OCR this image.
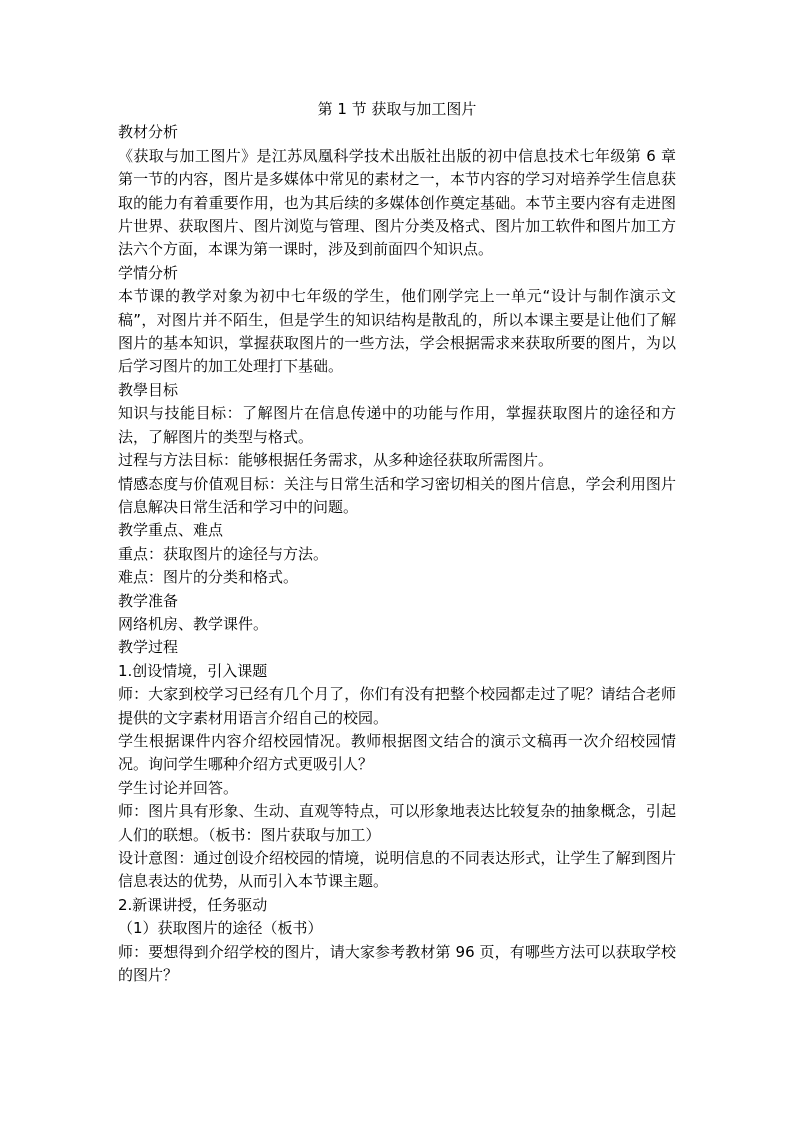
第 1 节 获取与加工图片

教材分析

《获取与加工图片》是江苏凤凰科学技术出版社出版的初中信息技术七年级第 6 章第一节的内容，图片是多媒体中常见的素材之一，本节内容的学习对培养学生信息获取的能力有着重要作用，也为其后续的多媒体创作奠定基础。本节主要内容有走进图片世界、获取图片、图片浏览与管理、图片分类及格式、图片加工软件和图片加工方法六个方面，本课为第一课时，涉及到前面四个知识点。

学情分析

本节课的教学对象为初中七年级的学生，他们刚学完上一单元“设计与制作演示文稿”，对图片并不陌生，但是学生的知识结构是散乱的，所以本课主要是让他们了解图片的基本知识，掌握获取图片的一些方法，学会根据需求来获取所要的图片，为以后学习图片的加工处理打下基础。

教學目标

知识与技能目标：了解图片在信息传递中的功能与作用，掌握获取图片的途径和方法，了解图片的类型与格式。

过程与方法目标：能够根据任务需求，从多种途径获取所需图片。

情感态度与价值观目标：关注与日常生活和学习密切相关的图片信息，学会利用图片信息解决日常生活和学习中的问题。

教学重点、难点

重点：获取图片的途径与方法。

难点：图片的分类和格式。

教学准备

网络机房、教学课件。

教学过程

1.创设情境，引入课题

师：大家到校学习已经有几个月了，你们有没有把整个校园都走过了呢？请结合老师提供的文字素材用语言介绍自己的校园。

学生根据课件内容介绍校园情况。教师根据图文结合的演示文稿再一次介绍校园情况。询问学生哪种介绍方式更吸引人？

学生讨论并回答。

师：图片具有形象、生动、直观等特点，可以形象地表达比较复杂的抽象概念，引起人们的联想。（板书：图片获取与加工）

设计意图：通过创设介绍校园的情境，说明信息的不同表达形式，让学生了解到图片信息表达的优势，从而引入本节课主题。

2.新课讲授，任务驱动

（1）获取图片的途径（板书）

师：要想得到介绍学校的图片，请大家参考教材第 96 页，有哪些方法可以获取学校的图片？
